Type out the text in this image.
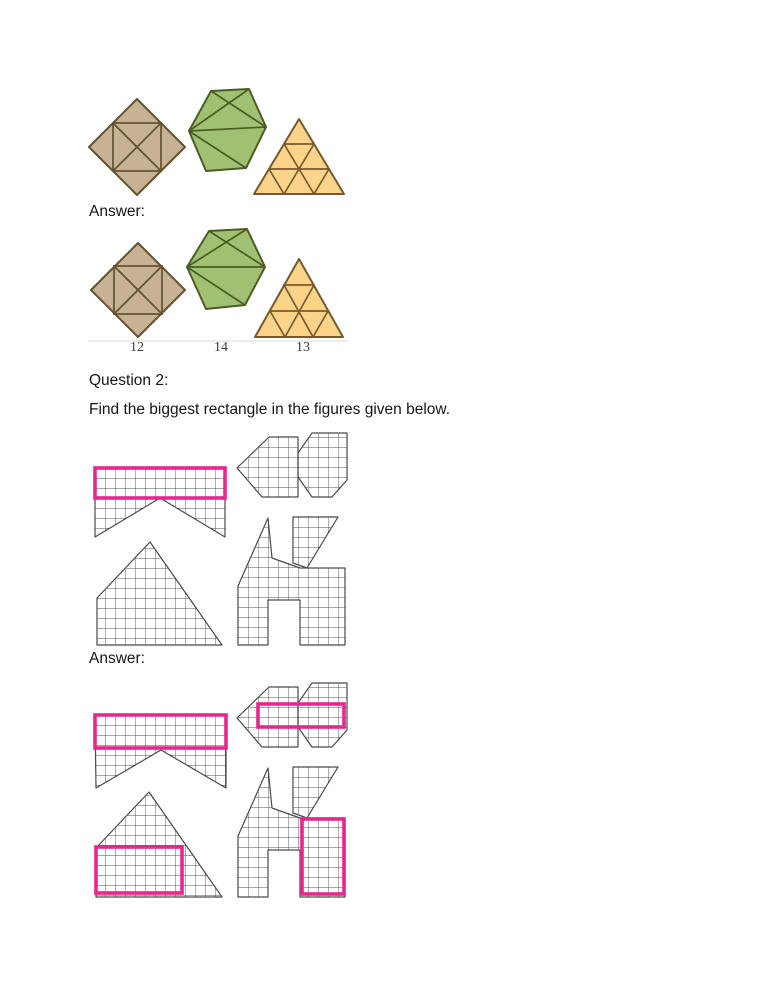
Answer:
12	14	13
Question 2:
Find the biggest rectangle in the figures given below.
Answer:
